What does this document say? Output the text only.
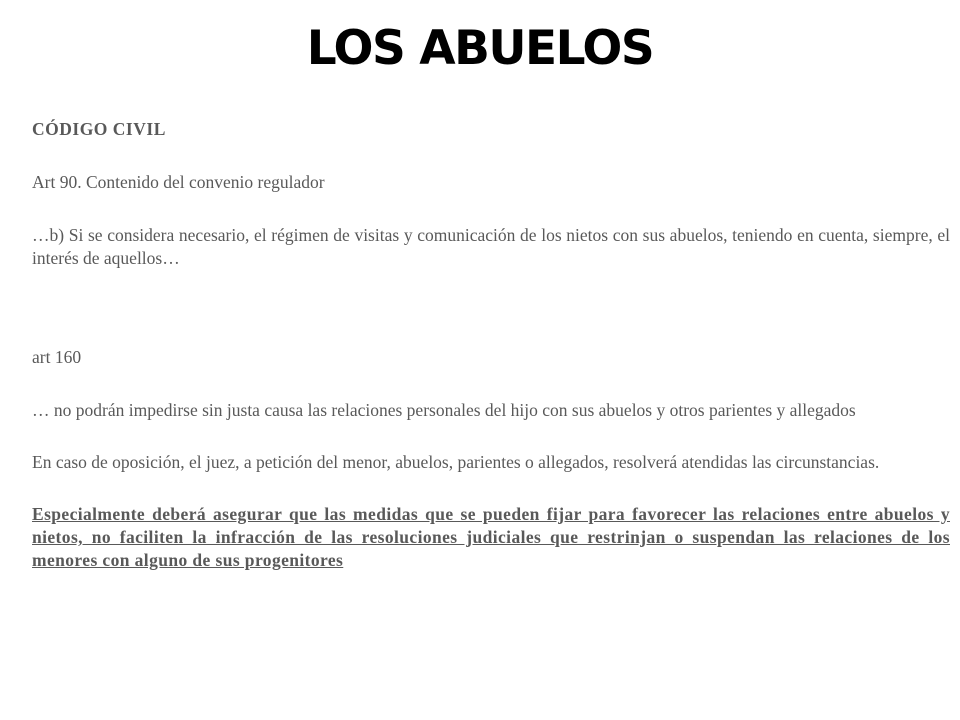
LOS ABUELOS

CÓDIGO CIVIL

Art 90. Contenido del convenio regulador

…b) Si se considera necesario, el régimen de visitas y comunicación de los nietos con sus abuelos, teniendo en cuenta, siempre, el interés de aquellos…

art 160

… no podrán impedirse sin justa causa las relaciones personales del hijo con sus abuelos y otros parientes y allegados

En caso de oposición, el juez, a petición del menor, abuelos, parientes o allegados, resolverá atendidas las circunstancias.

Especialmente deberá asegurar que las medidas que se pueden fijar para favorecer las relaciones entre abuelos y nietos, no faciliten la infracción de las resoluciones judiciales que restrinjan o suspendan las relaciones de los menores con alguno de sus progenitores
